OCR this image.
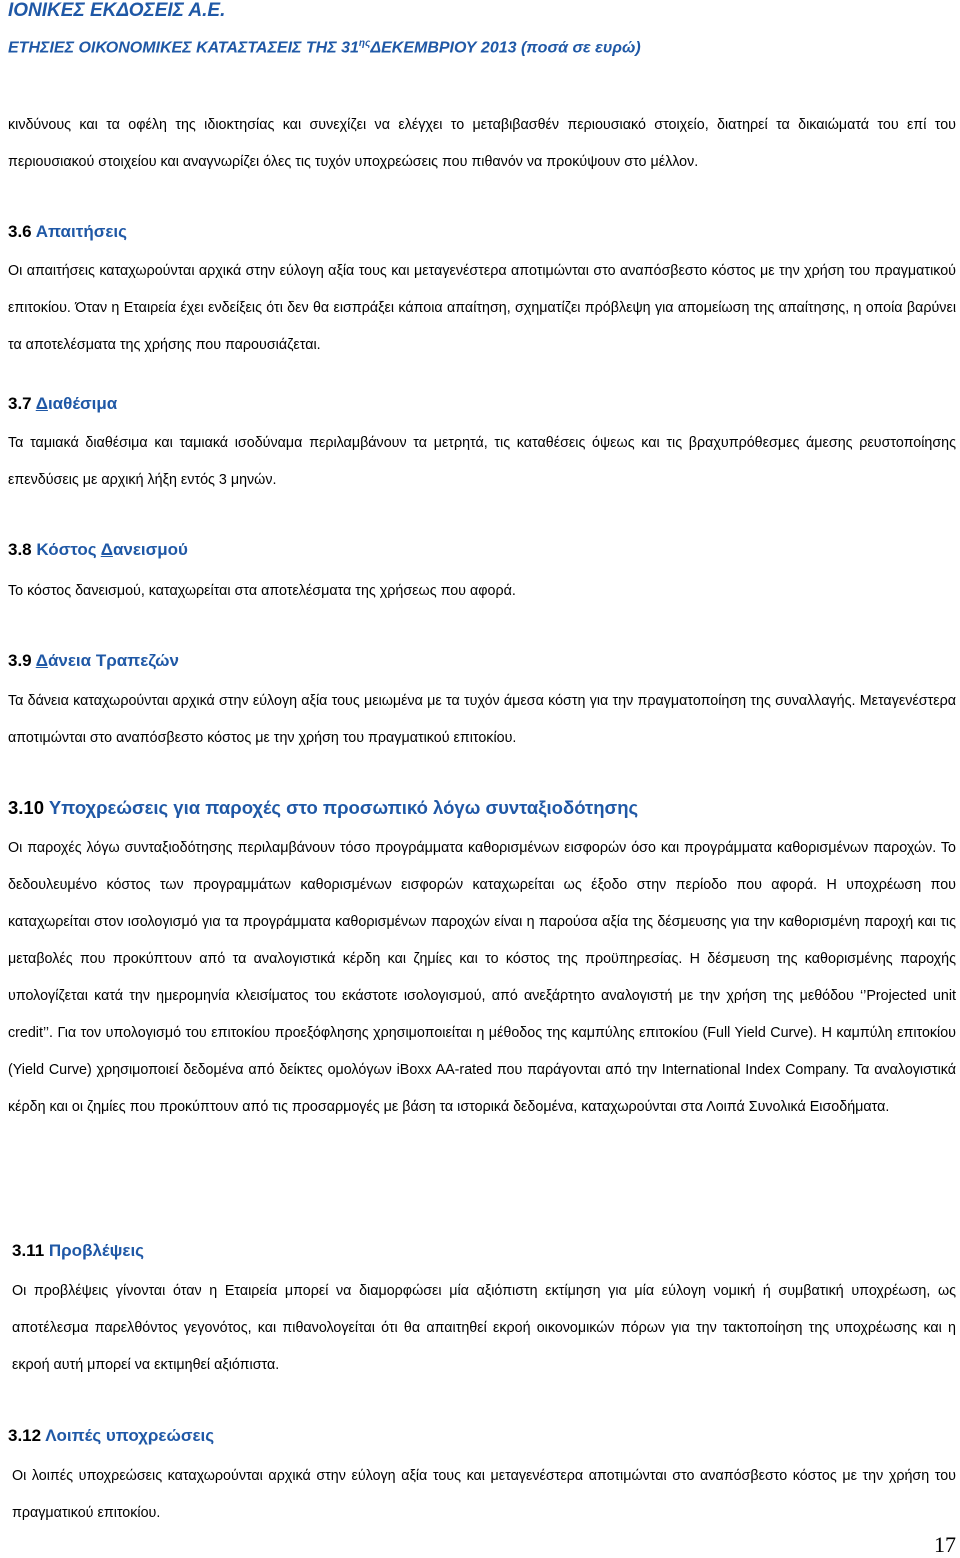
ΙΟΝΙΚΕΣ ΕΚΔΟΣΕΙΣ Α.Ε.
ΕΤΗΣΙΕΣ ΟΙΚΟΝΟΜΙΚΕΣ ΚΑΤΑΣΤΑΣΕΙΣ ΤΗΣ $31^{\eta\varsigma}\Delta EKEMBPIO\Upsilon$ 2013 (ποσά σε ευρώ)

κινδύνους και τα οφέλη της ιδιοκτησίας και συνεχίζει να ελέγχει το μεταβιβασθέν περιουσιακό στοιχείο, διατηρεί τα δικαιώματά του επί του περιουσιακού στοιχείου και αναγνωρίζει όλες τις τυχόν υποχρεώσεις που πιθανόν να προκύψουν στο μέλλον.

3.6 Απαιτήσεις

Οι απαιτήσεις καταχωρούνται αρχικά στην εύλογη αξία τους και μεταγενέστερα αποτιμώνται στο αναπόσβεστο κόστος με την χρήση του πραγματικού επιτοκίου. Όταν η Εταιρεία έχει ενδείξεις ότι δεν θα εισπράξει κάποια απαίτηση, σχηματίζει πρόβλεψη για απομείωση της απαίτησης, η οποία βαρύνει τα αποτελέσματα της χρήσης που παρουσιάζεται.

3.7 Διαθέσιμα

Τα ταμιακά διαθέσιμα και ταμιακά ισοδύναμα περιλαμβάνουν τα μετρητά, τις καταθέσεις όψεως και τις βραχυπρόθεσμες άμεσης ρευστοποίησης επενδύσεις με αρχική λήξη εντός 3 μηνών.

3.8 Κόστος Δανεισμού

Το κόστος δανεισμού, καταχωρείται στα αποτελέσματα της χρήσεως που αφορά.

3.9 Δάνεια Τραπεζών

Τα δάνεια καταχωρούνται αρχικά στην εύλογη αξία τους μειωμένα με τα τυχόν άμεσα κόστη για την πραγματοποίηση της συναλλαγής. Μεταγενέστερα αποτιμώνται στο αναπόσβεστο κόστος με την χρήση του πραγματικού επιτοκίου.

3.10 Υποχρεώσεις για παροχές στο προσωπικό λόγω συνταξιοδότησης

Οι παροχές λόγω συνταξιοδότησης περιλαμβάνουν τόσο προγράμματα καθορισμένων εισφορών όσο και προγράμματα καθορισμένων παροχών. Το δεδουλευμένο κόστος των προγραμμάτων καθορισμένων εισφορών καταχωρείται ως έξοδο στην περίοδο που αφορά. Η υποχρέωση που καταχωρείται στον ισολογισμό για τα προγράμματα καθορισμένων παροχών είναι η παρούσα αξία της δέσμευσης για την καθορισμένη παροχή και τις μεταβολές που προκύπτουν από τα αναλογιστικά κέρδη και ζημίες και το κόστος της προϋπηρεσίας. Η δέσμευση της καθορισμένης παροχής υπολογίζεται κατά την ημερομηνία κλεισίματος του εκάστοτε ισολογισμού, από ανεξάρτητο αναλογιστή με την χρήση της μεθόδου ‘’Projected unit credit’’. Για τον υπολογισμό του επιτοκίου προεξόφλησης χρησιμοποιείται η μέθοδος της καμπύλης επιτοκίου (Full Yield Curve). Η καμπύλη επιτοκίου (Yield Curve) χρησιμοποιεί δεδομένα από δείκτες ομολόγων iBoxx AA-rated που παράγονται από την International Index Company. Τα αναλογιστικά κέρδη και οι ζημίες που προκύπτουν από τις προσαρμογές με βάση τα ιστορικά δεδομένα, καταχωρούνται στα Λοιπά Συνολικά Εισοδήματα.

3.11 Προβλέψεις

Οι προβλέψεις γίνονται όταν η Εταιρεία μπορεί να διαμορφώσει μία αξιόπιστη εκτίμηση για μία εύλογη νομική ή συμβατική υποχρέωση, ως αποτέλεσμα παρελθόντος γεγονότος, και πιθανολογείται ότι θα απαιτηθεί εκροή οικονομικών πόρων για την τακτοποίηση της υποχρέωσης και η εκροή αυτή μπορεί να εκτιμηθεί αξιόπιστα.

3.12 Λοιπές υποχρεώσεις

Οι λοιπές υποχρεώσεις καταχωρούνται αρχικά στην εύλογη αξία τους και μεταγενέστερα αποτιμώνται στο αναπόσβεστο κόστος με την χρήση του πραγματικού επιτοκίου.

17
